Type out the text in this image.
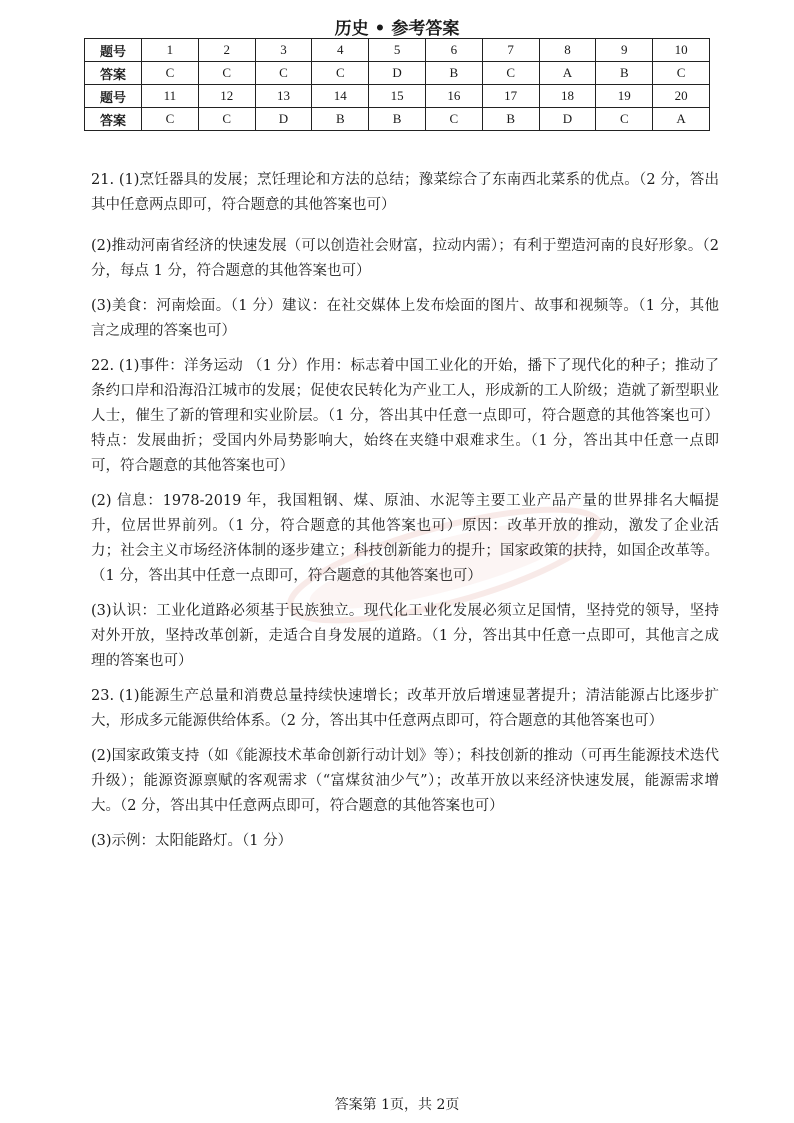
历史 • 参考答案
题号	1	2	3	4	5	6	7	8	9	10
答案	C	C	C	C	D	B	C	A	B	C
题号	11	12	13	14	15	16	17	18	19	20
答案	C	C	D	B	B	C	B	D	C	A

21. (1)烹饪器具的发展；烹饪理论和方法的总结；豫菜综合了东南西北菜系的优点。（2 分，答出其中任意两点即可，符合题意的其他答案也可）

(2)推动河南省经济的快速发展（可以创造社会财富，拉动内需）；有利于塑造河南的良好形象。（2 分，每点 1 分，符合题意的其他答案也可）

(3)美食：河南烩面。（1 分）建议：在社交媒体上发布烩面的图片、故事和视频等。（1 分，其他言之成理的答案也可）

22. (1)事件：洋务运动 （1 分）作用：标志着中国工业化的开始，播下了现代化的种子；推动了条约口岸和沿海沿江城市的发展；促使农民转化为产业工人，形成新的工人阶级；造就了新型职业人士，催生了新的管理和实业阶层。（1 分，答出其中任意一点即可，符合题意的其他答案也可）特点：发展曲折；受国内外局势影响大，始终在夹缝中艰难求生。（1 分，答出其中任意一点即可，符合题意的其他答案也可）

(2) 信息：1978-2019 年，我国粗钢、煤、原油、水泥等主要工业产品产量的世界排名大幅提升，位居世界前列。（1 分，符合题意的其他答案也可）原因：改革开放的推动，激发了企业活力；社会主义市场经济体制的逐步建立；科技创新能力的提升；国家政策的扶持，如国企改革等。（1 分，答出其中任意一点即可，符合题意的其他答案也可）

(3)认识：工业化道路必须基于民族独立。现代化工业化发展必须立足国情，坚持党的领导，坚持对外开放，坚持改革创新，走适合自身发展的道路。（1 分，答出其中任意一点即可，其他言之成理的答案也可）

23. (1)能源生产总量和消费总量持续快速增长；改革开放后增速显著提升；清洁能源占比逐步扩大，形成多元能源供给体系。（2 分，答出其中任意两点即可，符合题意的其他答案也可）

(2)国家政策支持（如《能源技术革命创新行动计划》等）；科技创新的推动（可再生能源技术迭代升级）；能源资源禀赋的客观需求（“富煤贫油少气”）；改革开放以来经济快速发展，能源需求增大。（2 分，答出其中任意两点即可，符合题意的其他答案也可）

(3)示例：太阳能路灯。（1 分）

答案第 1页，共 2页
